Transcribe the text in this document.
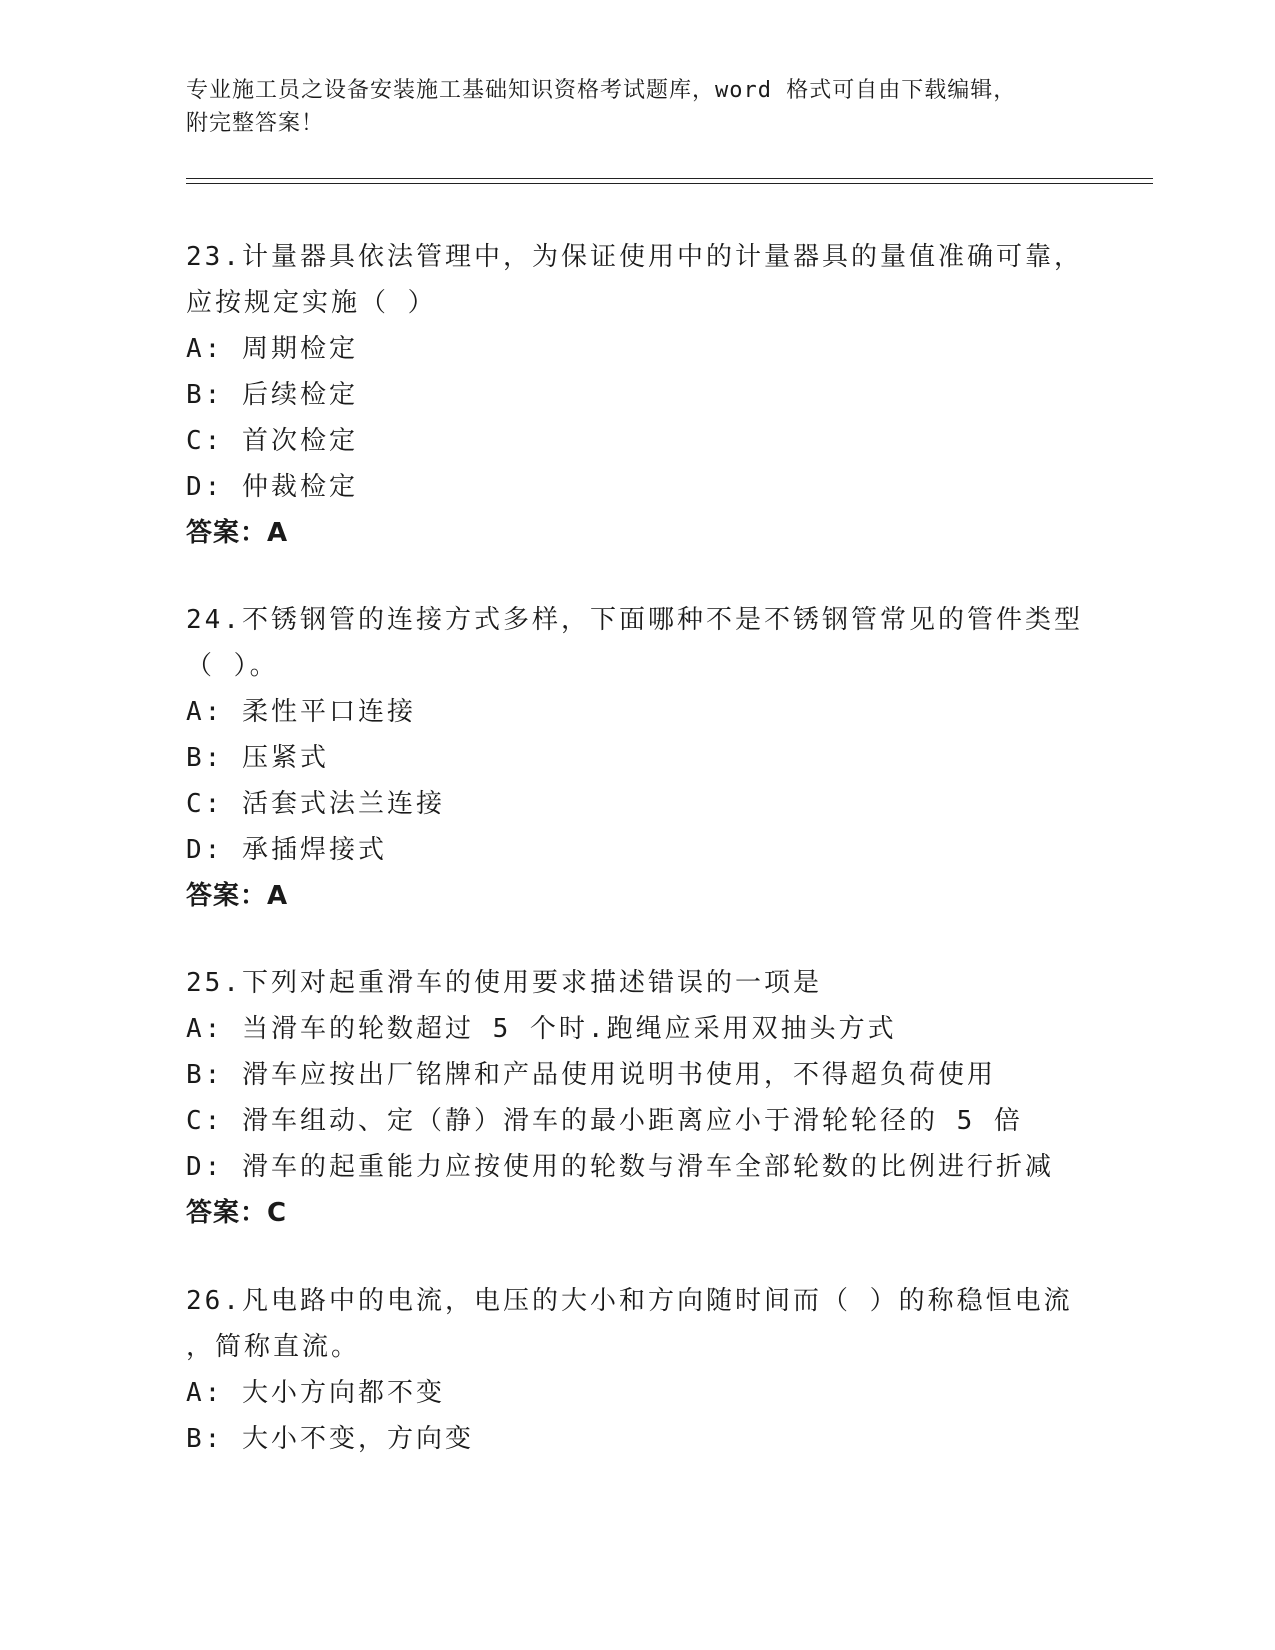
专业施工员之设备安装施工基础知识资格考试题库，word 格式可自由下载编辑，
附完整答案！
23.计量器具依法管理中，为保证使用中的计量器具的量值准确可靠，
应按规定实施（ ）
A: 周期检定
B: 后续检定
C: 首次检定
D: 仲裁检定
答案：A
24.不锈钢管的连接方式多样，下面哪种不是不锈钢管常见的管件类型
（ ）。
A: 柔性平口连接
B: 压紧式
C: 活套式法兰连接
D: 承插焊接式
答案：A
25.下列对起重滑车的使用要求描述错误的一项是
A: 当滑车的轮数超过 5 个时.跑绳应采用双抽头方式
B: 滑车应按出厂铭牌和产品使用说明书使用，不得超负荷使用
C: 滑车组动、定（静）滑车的最小距离应小于滑轮轮径的 5 倍
D: 滑车的起重能力应按使用的轮数与滑车全部轮数的比例进行折减
答案：C
26.凡电路中的电流，电压的大小和方向随时间而（ ）的称稳恒电流
，简称直流。
A: 大小方向都不变
B: 大小不变，方向变
